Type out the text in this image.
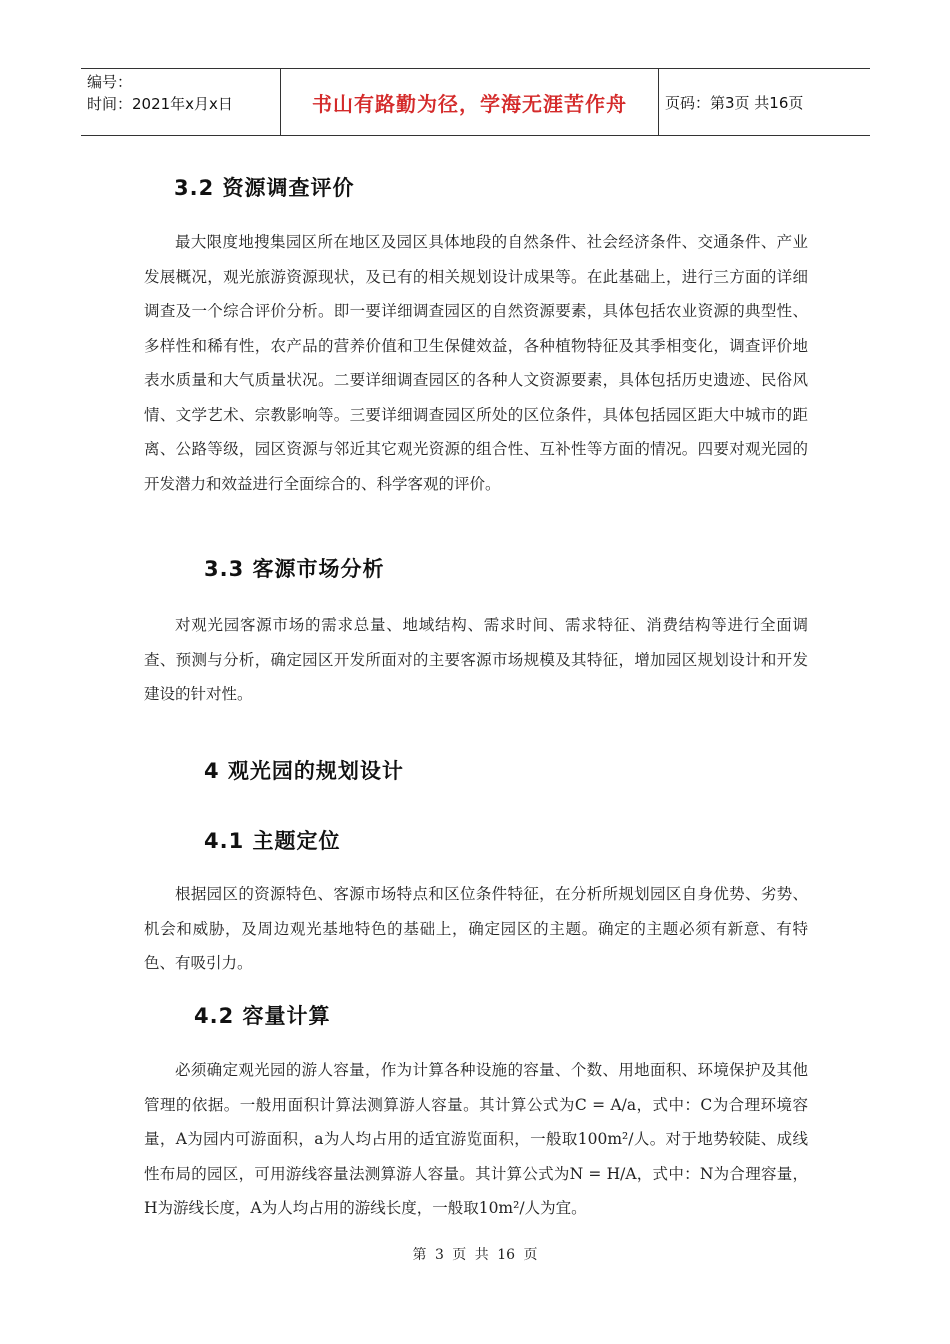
编号：
时间：2021年x月x日	书山有路勤为径，学海无涯苦作舟	页码：第3页 共16页
3.2 资源调查评价

最大限度地搜集园区所在地区及园区具体地段的自然条件、社会经济条件、交通条件、产业发展概况，观光旅游资源现状，及已有的相关规划设计成果等。在此基础上，进行三方面的详细调查及一个综合评价分析。即一要详细调查园区的自然资源要素，具体包括农业资源的典型性、多样性和稀有性，农产品的营养价值和卫生保健效益，各种植物特征及其季相变化，调查评价地表水质量和大气质量状况。二要详细调查园区的各种人文资源要素，具体包括历史遗迹、民俗风情、文学艺术、宗教影响等。三要详细调查园区所处的区位条件，具体包括园区距大中城市的距离、公路等级，园区资源与邻近其它观光资源的组合性、互补性等方面的情况。四要对观光园的开发潜力和效益进行全面综合的、科学客观的评价。

3.3 客源市场分析

对观光园客源市场的需求总量、地域结构、需求时间、需求特征、消费结构等进行全面调查、预测与分析，确定园区开发所面对的主要客源市场规模及其特征，增加园区规划设计和开发建设的针对性。

4 观光园的规划设计
4.1 主题定位

根据园区的资源特色、客源市场特点和区位条件特征，在分析所规划园区自身优势、劣势、机会和威胁，及周边观光基地特色的基础上，确定园区的主题。确定的主题必须有新意、有特色、有吸引力。

4.2 容量计算

必须确定观光园的游人容量，作为计算各种设施的容量、个数、用地面积、环境保护及其他管理的依据。一般用面积计算法测算游人容量。其计算公式为C = A/a，式中：C为合理环境容量，A为园内可游面积，a为人均占用的适宜游览面积，一般取100m²/人。对于地势较陡、成线性布局的园区，可用游线容量法测算游人容量。其计算公式为N = H/A，式中：N为合理容量，H为游线长度，A为人均占用的游线长度，一般取10m²/人为宜。

第 3 页 共 16 页
